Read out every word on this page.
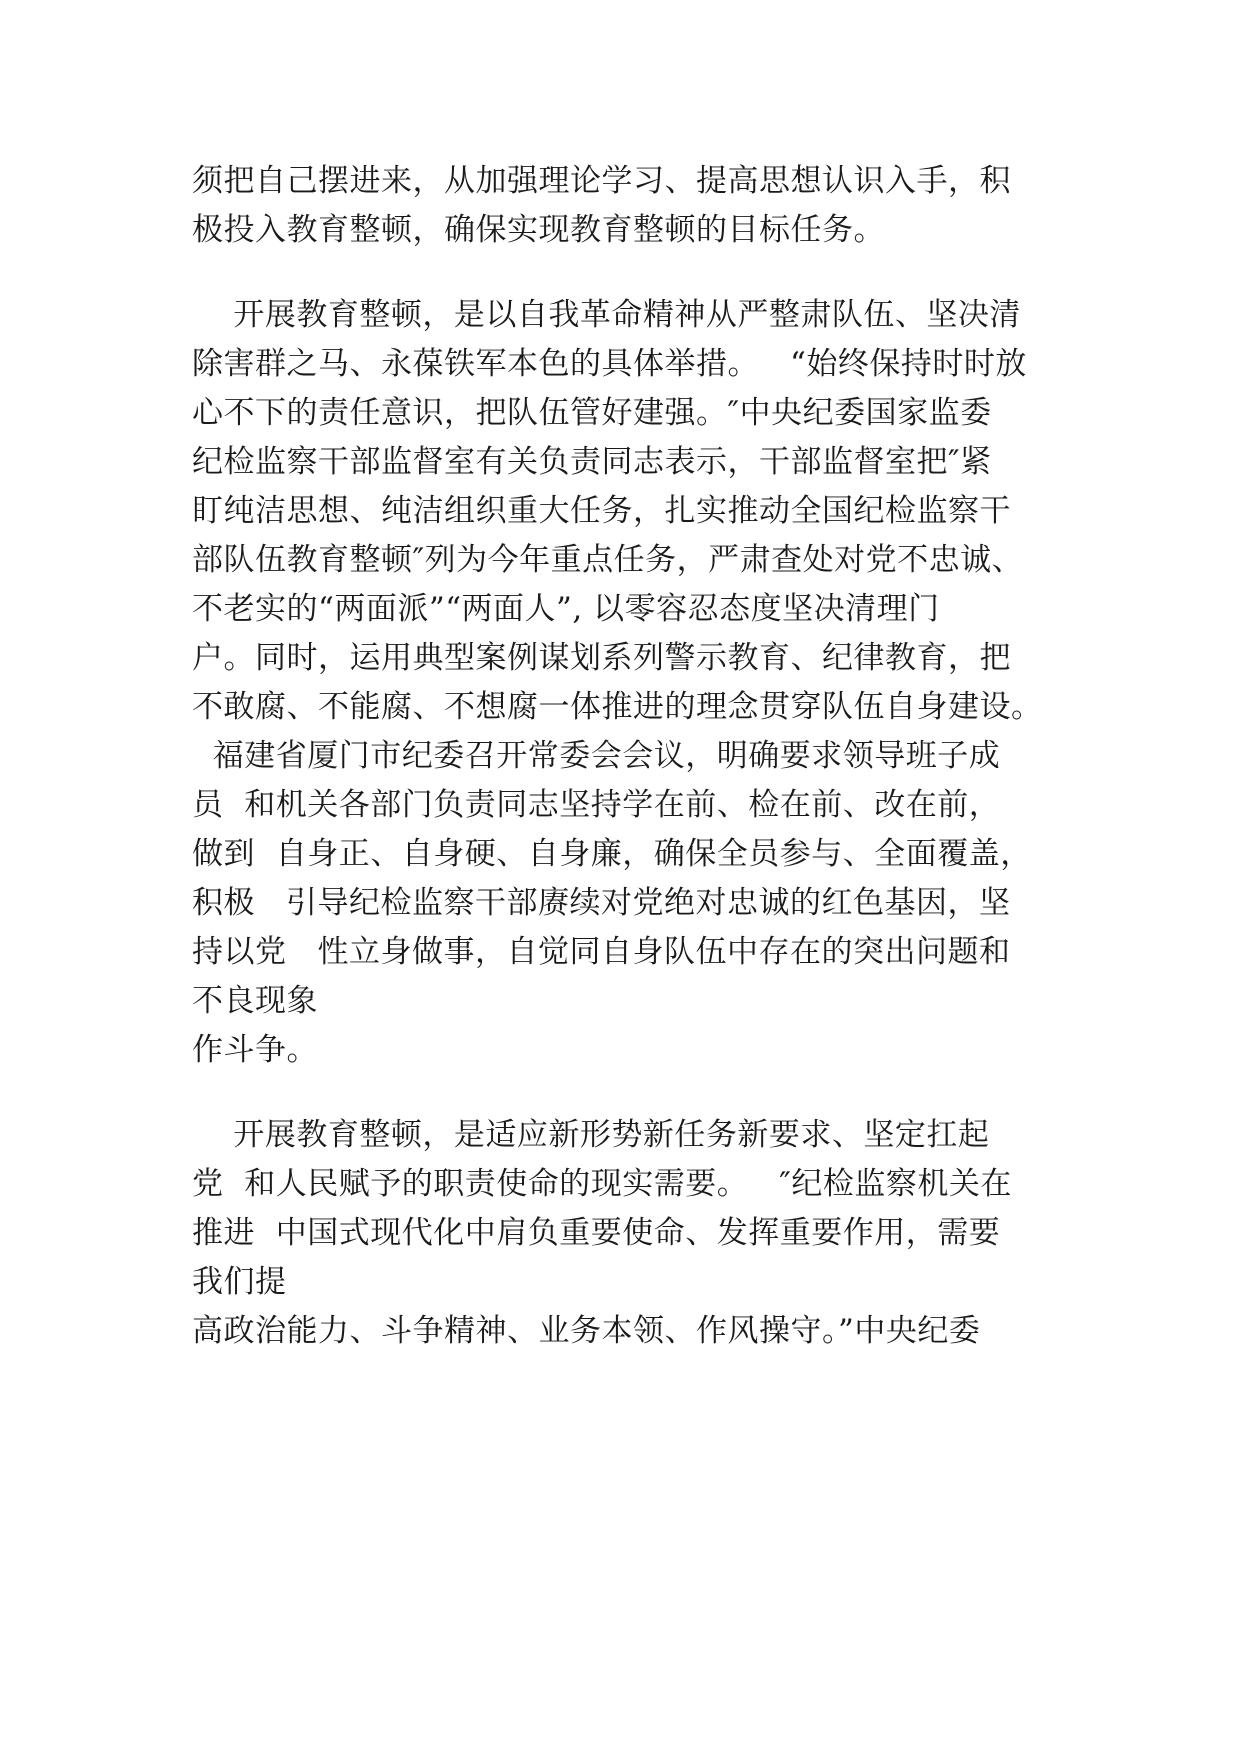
须把自己摆进来，从加强理论学习、提高思想认识入手，积
极投入教育整顿，确保实现教育整顿的目标任务。
开展教育整顿，是以自我革命精神从严整肃队伍、坚决清
除害群之马、永葆铁军本色的具体举措。   “始终保持时时放
心不下的责任意识，把队伍管好建强。″中央纪委国家监委
纪检监察干部监督室有关负责同志表示，干部监督室把″紧
盯纯洁思想、纯洁组织重大任务，扎实推动全国纪检监察干
部队伍教育整顿″列为今年重点任务，严肃查处对党不忠诚、
不老实的“两面派”“两面人”, 以零容忍态度坚决清理门
户。同时，运用典型案例谋划系列警示教育、纪律教育，把
不敢腐、不能腐、不想腐一体推进的理念贯穿队伍自身建设。
福建省厦门市纪委召开常委会会议，明确要求领导班子成
员  和机关各部门负责同志坚持学在前、检在前、改在前，
做到  自身正、自身硬、自身廉，确保全员参与、全面覆盖，
积极   引导纪检监察干部赓续对党绝对忠诚的红色基因，坚
持以党   性立身做事，自觉同自身队伍中存在的突出问题和
不良现象
作斗争。
开展教育整顿，是适应新形势新任务新要求、坚定扛起
党  和人民赋予的职责使命的现实需要。   ″纪检监察机关在
推进  中国式现代化中肩负重要使命、发挥重要作用，需要
我们提
高政治能力、斗争精神、业务本领、作风操守。”中央纪委
